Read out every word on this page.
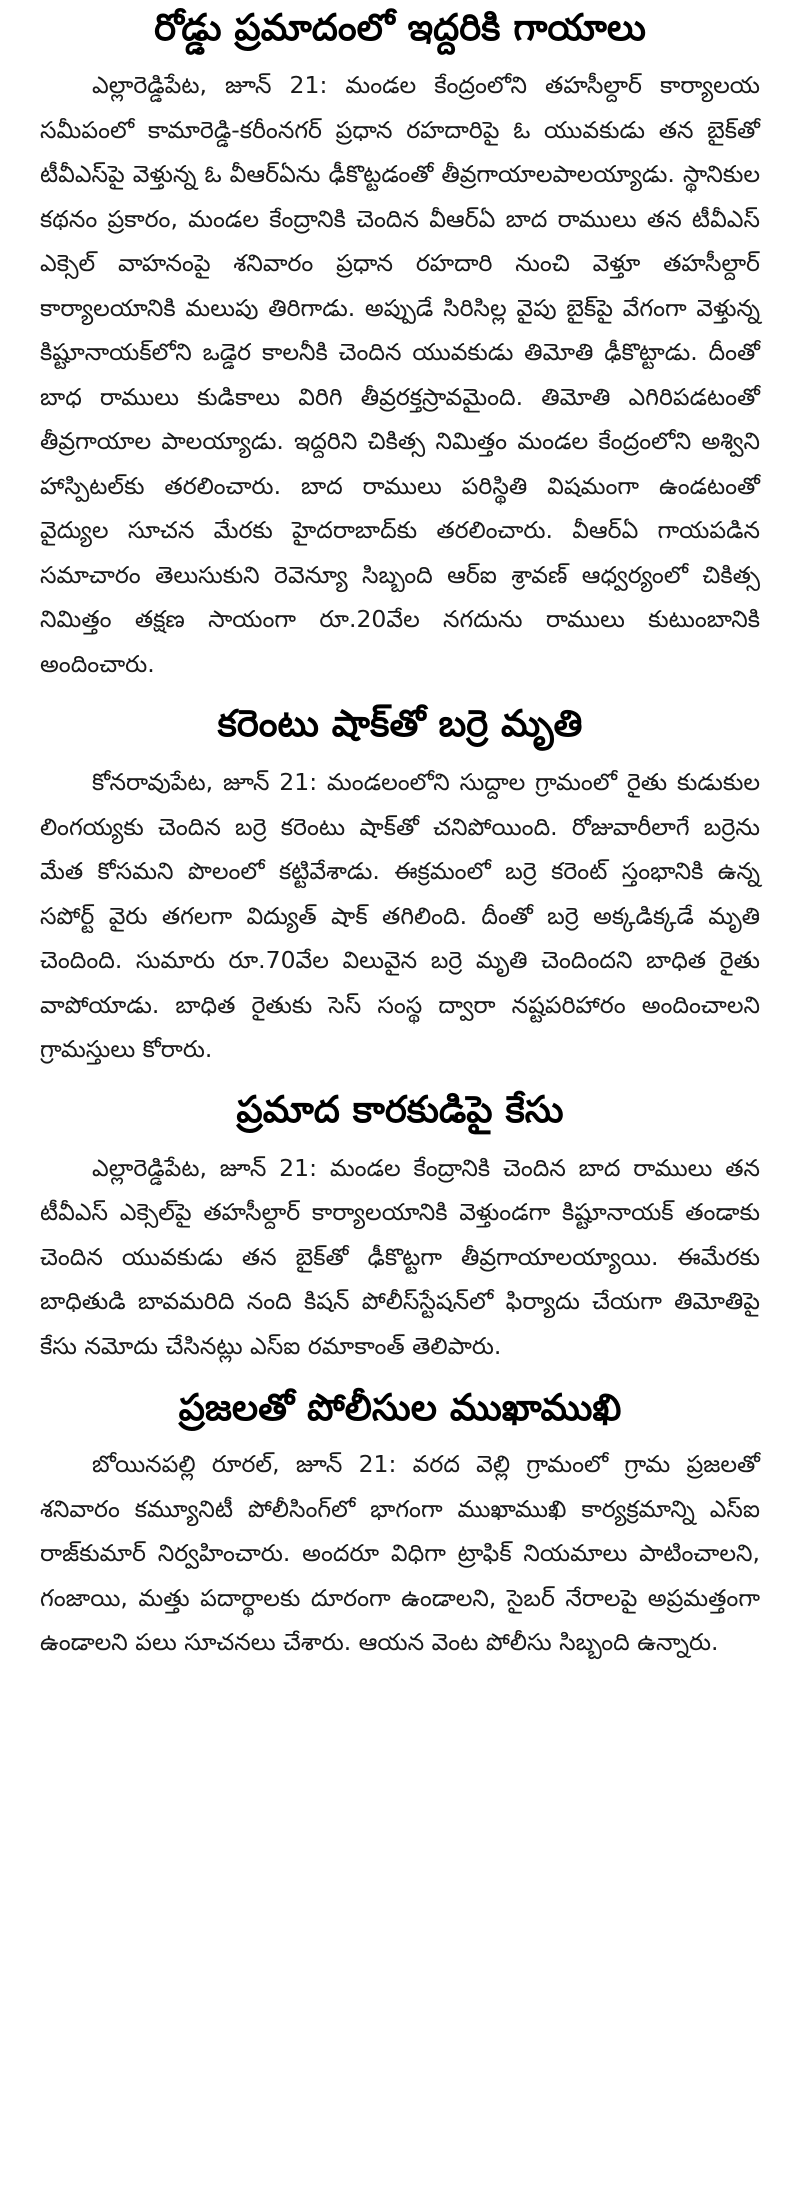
రోడ్డు ప్రమాదంలో ఇద్దరికి గాయాలు

ఎల్లారెడ్డిపేట, జూన్ 21: మండల కేంద్రంలోని తహసీల్దార్ కార్యాలయ సమీపంలో కామారెడ్డి-కరీంనగర్ ప్రధాన రహదారిపై ఓ యువకుడు తన బైక్‌తో టీవీఎస్‌పై వెళ్తున్న ఓ వీఆర్ఏను ఢీకొట్టడంతో తీవ్రగాయాలపాలయ్యాడు. స్థానికుల కథనం ప్రకారం, మండల కేంద్రానికి చెందిన వీఆర్ఏ బాద రాములు తన టీవీఎస్ ఎక్సెల్ వాహనంపై శనివారం ప్రధాన రహదారి నుంచి వెళ్తూ తహసీల్దార్ కార్యాలయానికి మలుపు తిరిగాడు. అప్పుడే సిరిసిల్ల వైపు బైక్‌పై వేగంగా వెళ్తున్న కిష్టూనాయక్‌లోని ఒడ్డెర కాలనీకి చెందిన యువకుడు తిమోతి ఢీకొట్టాడు. దీంతో బాధ రాములు కుడికాలు విరిగి తీవ్రరక్తస్రావమైంది. తిమోతి ఎగిరిపడటంతో తీవ్రగాయాల పాలయ్యాడు. ఇద్దరిని చికిత్స నిమిత్తం మండల కేంద్రంలోని అశ్విని హాస్పిటల్‌కు తరలించారు. బాద రాములు పరిస్థితి విషమంగా ఉండటంతో వైద్యుల సూచన మేరకు హైదరాబాద్‌కు తరలించారు. వీఆర్ఏ గాయపడిన సమాచారం తెలుసుకుని రెవెన్యూ సిబ్బంది ఆర్ఐ శ్రావణ్ ఆధ్వర్యంలో చికిత్స నిమిత్తం తక్షణ సాయంగా రూ.20వేల నగదును రాములు కుటుంబానికి అందించారు.

కరెంటు షాక్‌తో బర్రె మృతి

కోనరావుపేట, జూన్ 21: మండలంలోని సుద్దాల గ్రామంలో రైతు కుడుకుల లింగయ్యకు చెందిన బర్రె కరెంటు షాక్‌తో చనిపోయింది. రోజువారీలాగే బర్రెను మేత కోసమని పొలంలో కట్టివేశాడు. ఈక్రమంలో బర్రె కరెంట్ స్తంభానికి ఉన్న సపోర్ట్ వైరు తగలగా విద్యుత్ షాక్ తగిలింది. దీంతో బర్రె అక్కడిక్కడే మృతి చెందింది. సుమారు రూ.70వేల విలువైన బర్రె మృతి చెందిందని బాధిత రైతు వాపోయాడు. బాధిత రైతుకు సెస్ సంస్థ ద్వారా నష్టపరిహారం అందించాలని గ్రామస్తులు కోరారు.

ప్రమాద కారకుడిపై కేసు

ఎల్లారెడ్డిపేట, జూన్ 21: మండల కేంద్రానికి చెందిన బాద రాములు తన టీవీఎస్ ఎక్సెల్‌పై తహసీల్దార్ కార్యాలయానికి వెళ్తుండగా కిష్టూనాయక్ తండాకు చెందిన యువకుడు తన బైక్‌తో ఢీకొట్టగా తీవ్రగాయాలయ్యాయి. ఈమేరకు బాధితుడి బావమరిది నంది కిషన్ పోలీస్‌స్టేషన్‌లో ఫిర్యాదు చేయగా తిమోతిపై కేసు నమోదు చేసినట్లు ఎస్ఐ రమాకాంత్ తెలిపారు.

ప్రజలతో పోలీసుల ముఖాముఖి

బోయినపల్లి రూరల్, జూన్ 21: వరద వెల్లి గ్రామంలో గ్రామ ప్రజలతో శనివారం కమ్యూనిటీ పోలీసింగ్‌లో భాగంగా ముఖాముఖి కార్యక్రమాన్ని ఎస్ఐ రాజ్‌కుమార్ నిర్వహించారు. అందరూ విధిగా ట్రాఫిక్ నియమాలు పాటించాలని, గంజాయి, మత్తు పదార్థాలకు దూరంగా ఉండాలని, సైబర్ నేరాలపై అప్రమత్తంగా ఉండాలని పలు సూచనలు చేశారు. ఆయన వెంట పోలీసు సిబ్బంది ఉన్నారు.
